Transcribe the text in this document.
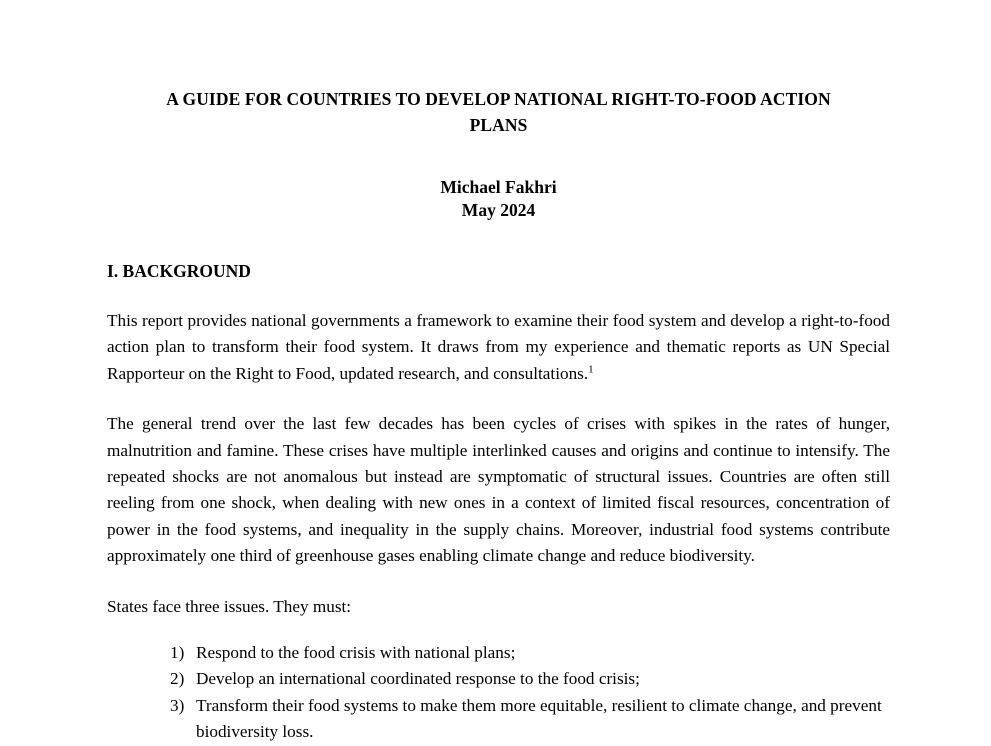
A GUIDE FOR COUNTRIES TO DEVELOP NATIONAL RIGHT-TO-FOOD ACTION
PLANS
Michael Fakhri
May 2024
I. BACKGROUND

This report provides national governments a framework to examine their food system and develop a right-to-food action plan to transform their food system. It draws from my experience and thematic reports as UN Special Rapporteur on the Right to Food, updated research, and consultations.$^1$

The general trend over the last few decades has been cycles of crises with spikes in the rates of hunger, malnutrition and famine. These crises have multiple interlinked causes and origins and continue to intensify. The repeated shocks are not anomalous but instead are symptomatic of structural issues. Countries are often still reeling from one shock, when dealing with new ones in a context of limited fiscal resources, concentration of power in the food systems, and inequality in the supply chains. Moreover, industrial food systems contribute approximately one third of greenhouse gases enabling climate change and reduce biodiversity.

States face three issues. They must:

1) Respond to the food crisis with national plans;
2) Develop an international coordinated response to the food crisis;
3) Transform their food systems to make them more equitable, resilient to climate change, and prevent biodiversity loss.
